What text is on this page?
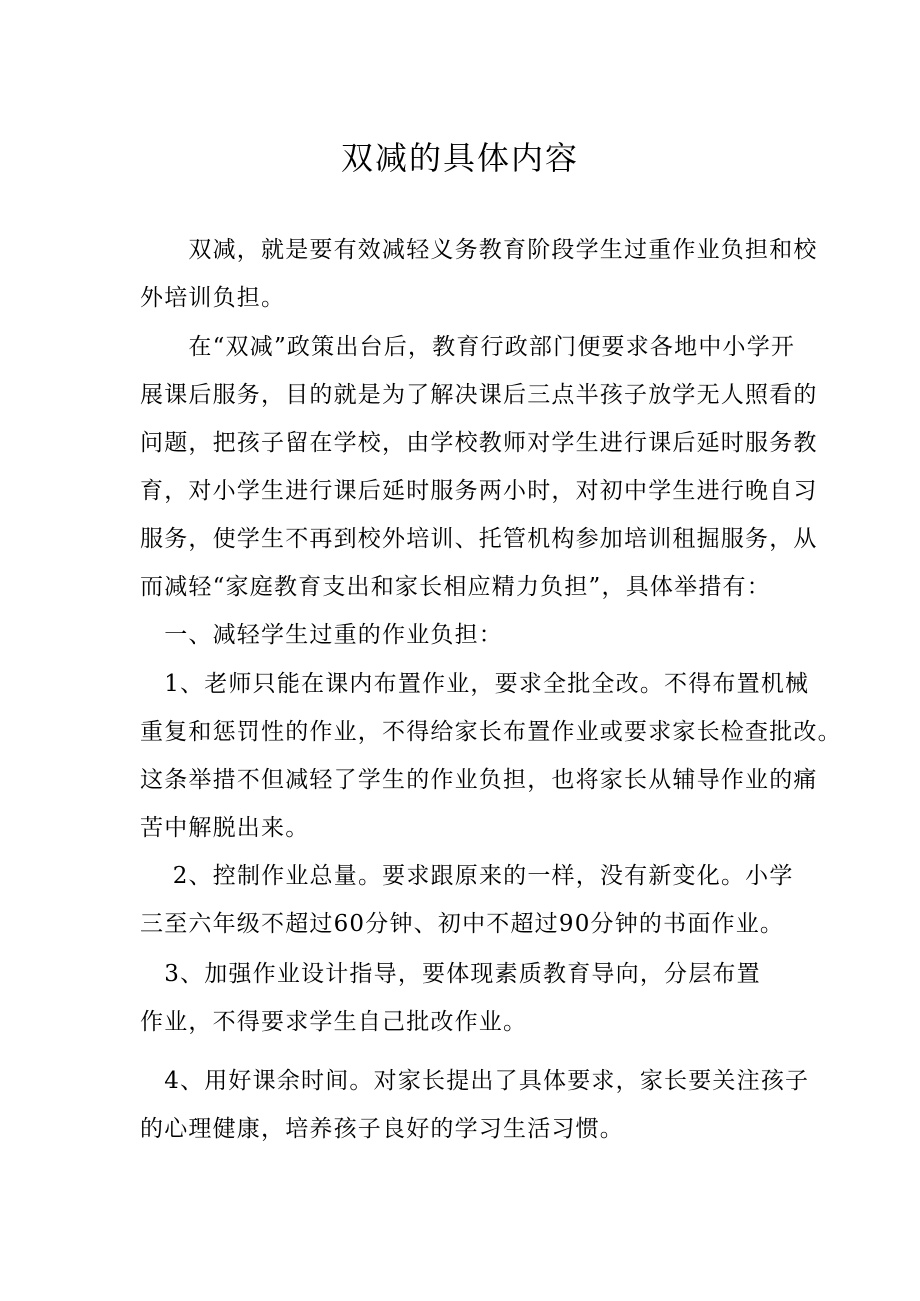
双减的具体内容

　　双减，就是要有效减轻义务教育阶段学生过重作业负担和校
外培训负担。

　　在“双减”政策出台后，教育行政部门便要求各地中小学开
展课后服务，目的就是为了解决课后三点半孩子放学无人照看的
问题，把孩子留在学校，由学校教师对学生进行课后延时服务教
育，对小学生进行课后延时服务两小时，对初中学生进行晚自习
服务，使学生不再到校外培训、托管机构参加培训租掘服务，从
而减轻“家庭教育支出和家长相应精力负担”，具体举措有：

　一、减轻学生过重的作业负担：

　1、老师只能在课内布置作业，要求全批全改。不得布置机械
重复和惩罚性的作业，不得给家长布置作业或要求家长检查批改。
这条举措不但减轻了学生的作业负担，也将家长从辅导作业的痛
苦中解脱出来。

　 2、控制作业总量。要求跟原来的一样，没有新变化。小学
三至六年级不超过60分钟、初中不超过90分钟的书面作业。

　3、加强作业设计指导，要体现素质教育导向，分层布置
作业，不得要求学生自己批改作业。

　4、用好课余时间。对家长提出了具体要求，家长要关注孩子
的心理健康，培养孩子良好的学习生活习惯。
